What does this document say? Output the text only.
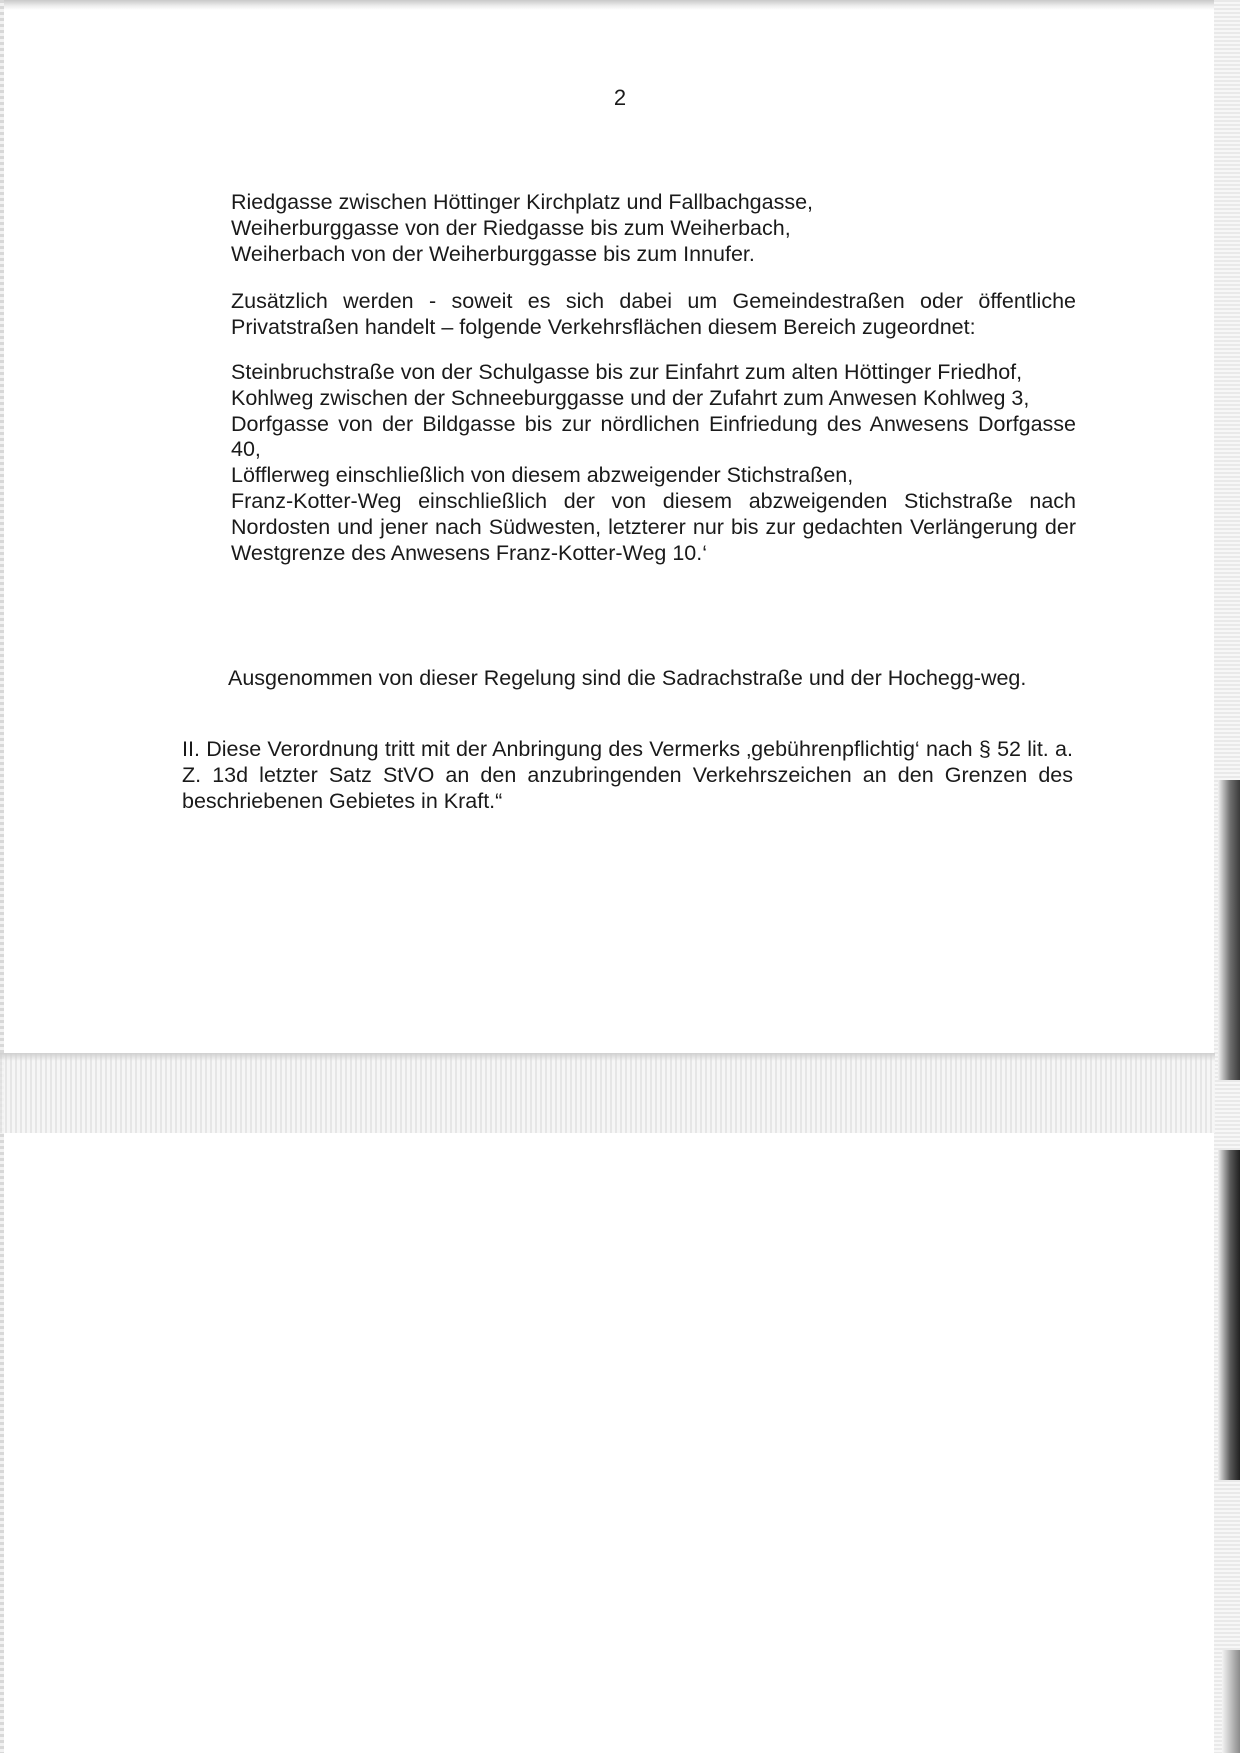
2
Riedgasse zwischen Höttinger Kirchplatz und Fallbachgasse,
Weiherburggasse von der Riedgasse bis zum Weiherbach,
Weiherbach von der Weiherburggasse bis zum Innufer.

Zusätzlich werden - soweit es sich dabei um Gemeindestraßen oder öffentliche Privatstraßen handelt – folgende Verkehrsflächen diesem Bereich zugeordnet:

Steinbruchstraße von der Schulgasse bis zur Einfahrt zum alten Höttinger Friedhof,
Kohlweg zwischen der Schneeburggasse und der Zufahrt zum Anwesen Kohlweg 3,
Dorfgasse von der Bildgasse bis zur nördlichen Einfriedung des Anwesens Dorfgasse 40,
Löfflerweg einschließlich von diesem abzweigender Stichstraßen,
Franz-Kotter-Weg einschließlich der von diesem abzweigenden Stichstraße nach Nordosten und jener nach Südwesten, letzterer nur bis zur gedachten Verlängerung der Westgrenze des Anwesens Franz-Kotter-Weg 10.‘

Ausgenommen von dieser Regelung sind die Sadrachstraße und der Hochegg-weg.

II. Diese Verordnung tritt mit der Anbringung des Vermerks ‚gebührenpflichtig‘ nach § 52 lit. a. Z. 13d letzter Satz StVO an den anzubringenden Verkehrszeichen an den Grenzen des beschriebenen Gebietes in Kraft.“
